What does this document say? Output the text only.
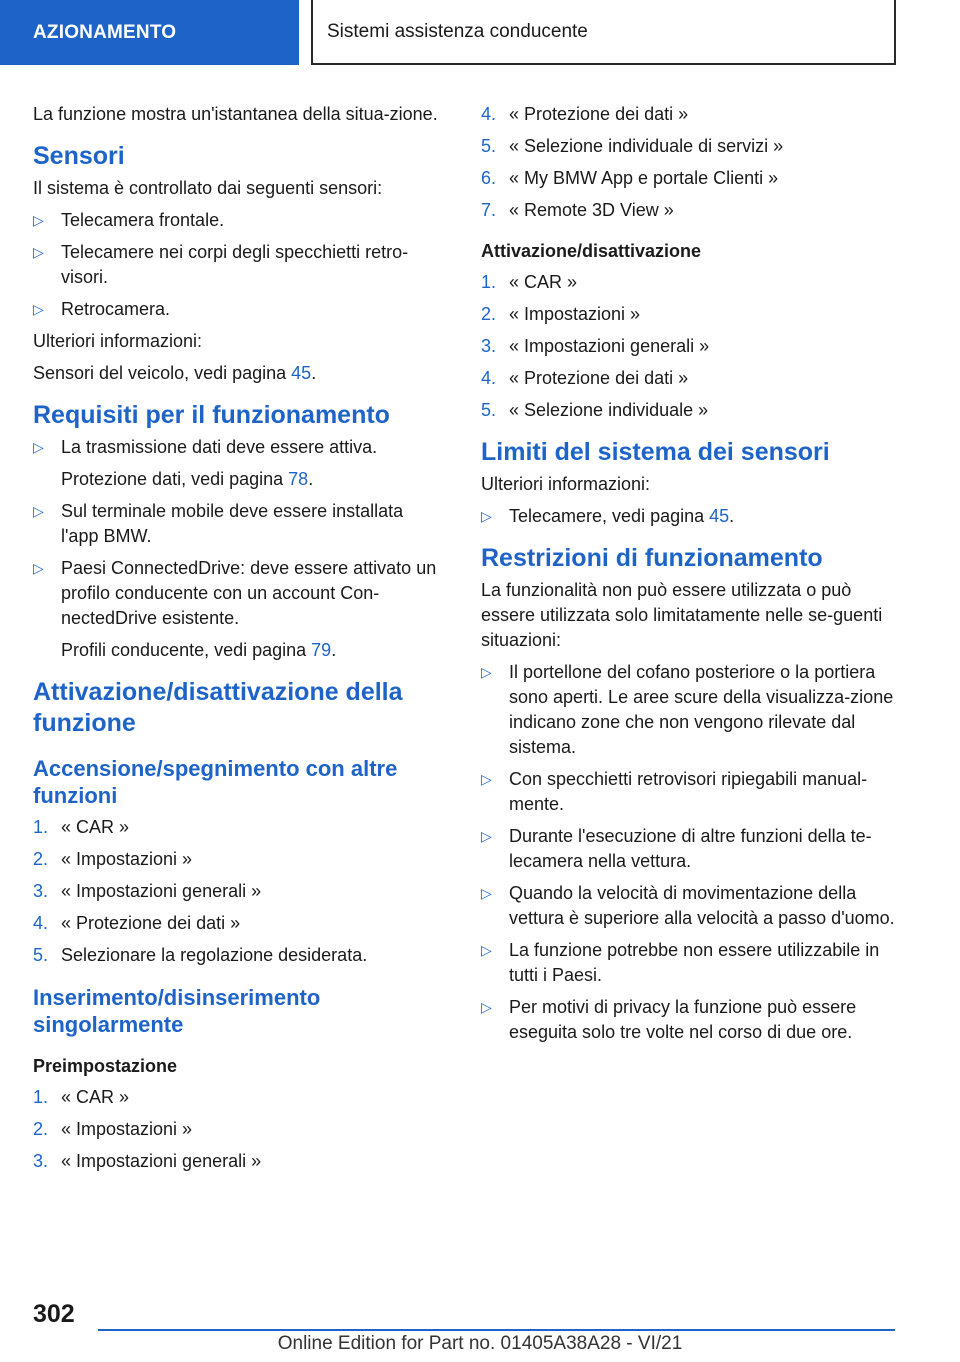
AZIONAMENTO	Sistemi assistenza conducente

La funzione mostra un'istantanea della situa-zione.

Sensori

Il sistema è controllato dai seguenti sensori:

▷ Telecamera frontale.
▷ Telecamere nei corpi degli specchietti retro-visori.
▷ Retrocamera.

Ulteriori informazioni:

Sensori del veicolo, vedi pagina 45.

Requisiti per il funzionamento
▷ La trasmissione dati deve essere attiva.
Protezione dati, vedi pagina 78.
▷ Sul terminale mobile deve essere installata l'app BMW.
▷ Paesi ConnectedDrive: deve essere attivato un profilo conducente con un account Con-nectedDrive esistente.
Profili conducente, vedi pagina 79.
Attivazione/disattivazione della funzione
Accensione/spegnimento con altre funzioni
1. « CAR »
2. « Impostazioni »
3. « Impostazioni generali »
4. « Protezione dei dati »
5. Selezionare la regolazione desiderata.
Inserimento/disinserimento singolarmente
Preimpostazione
1. « CAR »
2. « Impostazioni »
3. « Impostazioni generali »
4. « Protezione dei dati »
5. « Selezione individuale di servizi »
6. « My BMW App e portale Clienti »
7. « Remote 3D View »
Attivazione/disattivazione
1. « CAR »
2. « Impostazioni »
3. « Impostazioni generali »
4. « Protezione dei dati »
5. « Selezione individuale »
Limiti del sistema dei sensori

Ulteriori informazioni:

▷ Telecamere, vedi pagina 45.
Restrizioni di funzionamento

La funzionalità non può essere utilizzata o può essere utilizzata solo limitatamente nelle se-guenti situazioni:

▷ Il portellone del cofano posteriore o la portiera sono aperti. Le aree scure della visualizza-zione indicano zone che non vengono rilevate dal sistema.
▷ Con specchietti retrovisori ripiegabili manual-mente.
▷ Durante l'esecuzione di altre funzioni della te-lecamera nella vettura.
▷ Quando la velocità di movimentazione della vettura è superiore alla velocità a passo d'uomo.
▷ La funzione potrebbe non essere utilizzabile in tutti i Paesi.
▷ Per motivi di privacy la funzione può essere eseguita solo tre volte nel corso di due ore.
302
Online Edition for Part no. 01405A38A28 - VI/21
